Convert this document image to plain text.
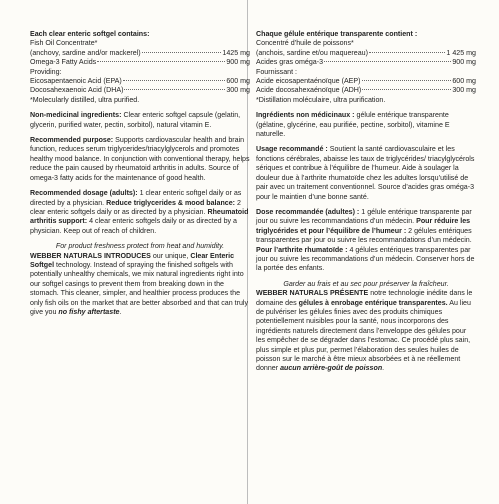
Each clear enteric softgel contains:

Fish Oil Concentrate*

(anchovy, sardine and/or mackerel)	1425 mg
Omega-3 Fatty Acids	900 mg

Providing:

Eicosapentaenoic Acid (EPA)	600 mg
Docosahexaenoic Acid (DHA)	300 mg

*Molecularly distilled, ultra purified.

Non-medicinal ingredients: Clear enteric softgel capsule (gelatin, glycerin, purified water, pectin, sorbitol), natural vitamin E.

Recommended purpose: Supports cardiovascular health and brain function, reduces serum triglycerides/triacylglycerols and promotes healthy mood balance. In conjunction with conventional therapy, helps reduce the pain caused by rheumatoid arthritis in adults. Source of omega-3 fatty acids for the maintenance of good health.

Recommended dosage (adults): 1 clear enteric softgel daily or as directed by a physician. Reduce triglycerides & mood balance: 2 clear enteric softgels daily or as directed by a physician. Rheumatoid arthritis support: 4 clear enteric softgels daily or as directed by a physician. Keep out of reach of children.

For product freshness protect from heat and humidity.

WEBBER NATURALS INTRODUCES our unique, Clear Enteric Softgel technology. Instead of spraying the finished softgels with potentially unhealthy chemicals, we mix natural ingredients right into our softgel casings to prevent them from breaking down in the stomach. This cleaner, simpler, and healthier process produces the only fish oils on the market that are better absorbed and that can truly give you no fishy aftertaste.

Chaque gélule entérique transparente contient :

Concentré d’huile de poissons*

(anchois, sardine et/ou maquereau)	1 425 mg
Acides gras oméga-3	900 mg

Fournissant :

Acide eicosapentaénoïque (AEP)	600 mg
Acide docosahexaénoïque (ADH)	300 mg

*Distillation moléculaire, ultra purification.

Ingrédients non médicinaux : gélule entérique transparente (gélatine, glycérine, eau purifiée, pectine, sorbitol), vitamine E naturelle.

Usage recommandé : Soutient la santé cardiovasculaire et les fonctions cérébrales, abaisse les taux de triglycérides/ triacylglycérols sériques et contribue à l’équilibre de l’humeur. Aide à soulager la douleur due à l’arthrite rhumatoïde chez les adultes lorsqu’utilisé de pair avec un traitement conventionnel. Source d’acides gras oméga-3 pour le maintien d’une bonne santé.

Dose recommandée (adultes) : 1 gélule entérique transparente par jour ou suivre les recommandations d’un médecin. Pour réduire les triglycérides et pour l’équilibre de l’humeur : 2 gélules entériques transparentes par jour ou suivre les recommandations d’un médecin. Pour l’arthrite rhumatoïde : 4 gélules entériques transparentes par jour ou suivre les recommandations d’un médecin. Conserver hors de la portée des enfants.

Garder au frais et au sec pour préserver la fraîcheur.

WEBBER NATURALS PRÉSENTE notre technologie inédite dans le domaine des gélules à enrobage entérique transparentes. Au lieu de pulvériser les gélules finies avec des produits chimiques potentiellement nuisibles pour la santé, nous incorporons des ingrédients naturels directement dans l’enveloppe des gélules pour les empêcher de se dégrader dans l’estomac. Ce procédé plus sain, plus simple et plus pur, permet l’élaboration des seules huiles de poisson sur le marché à être mieux absorbées et à ne réellement donner aucun arrière-goût de poisson.
